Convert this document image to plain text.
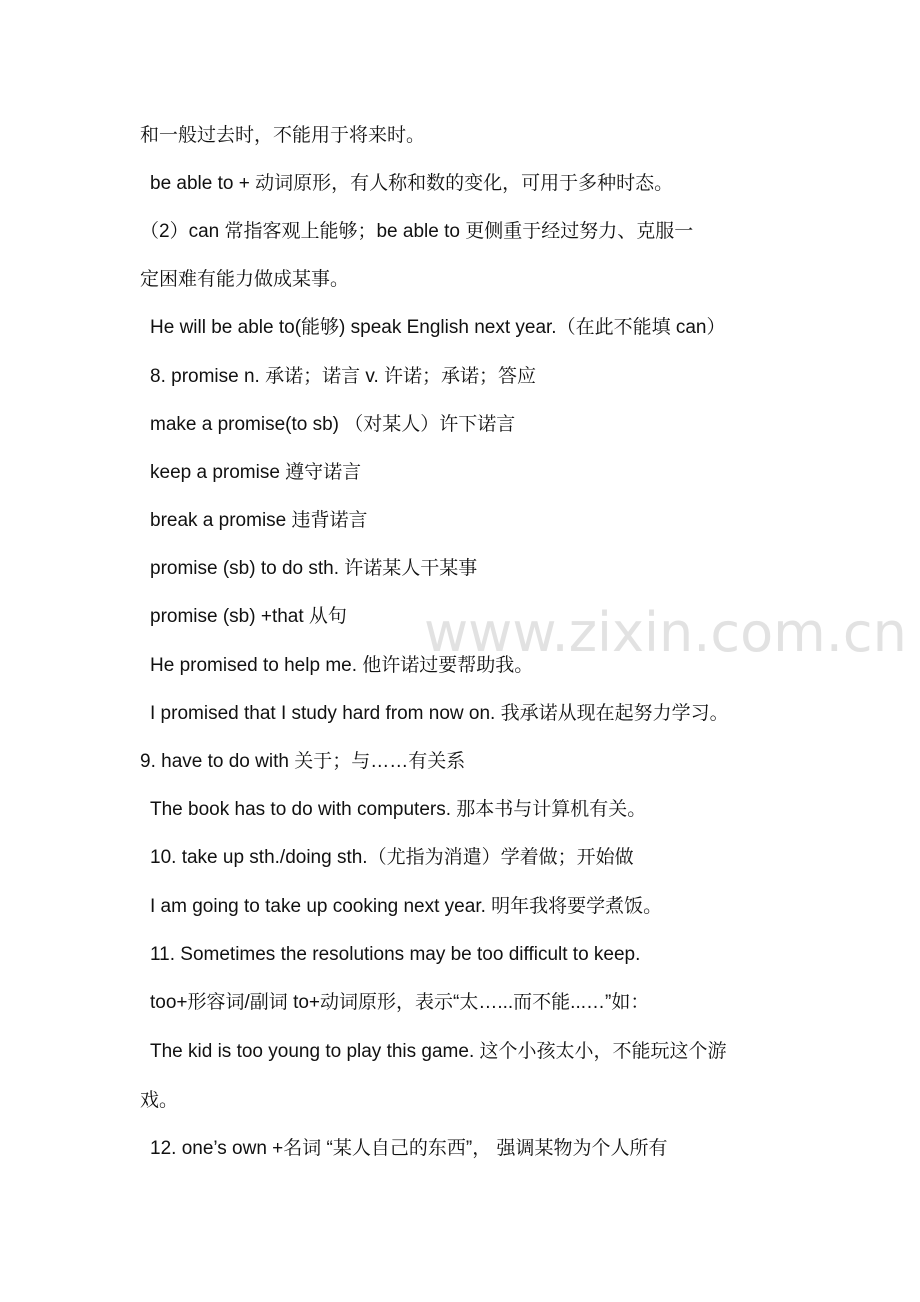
www.zixin.com.cn
和一般过去时，不能用于将来时。
be able to + 动词原形，有人称和数的变化，可用于多种时态。
（2）can 常指客观上能够；be able to 更侧重于经过努力、克服一
定困难有能力做成某事。
He will be able to(能够) speak English next year.（在此不能填 can）
8. promise n. 承诺；诺言 v. 许诺；承诺；答应
make a promise(to sb) （对某人）许下诺言
keep a promise 遵守诺言
break a promise 违背诺言
promise (sb) to do sth. 许诺某人干某事
promise (sb) +that 从句
He promised to help me. 他许诺过要帮助我。
I promised that I study hard from now on. 我承诺从现在起努力学习。
9. have to do with 关于；与……有关系
The book has to do with computers. 那本书与计算机有关。
10. take up sth./doing sth.（尤指为消遣）学着做；开始做
I am going to take up cooking next year. 明年我将要学煮饭。
11. Sometimes the resolutions may be too difficult to keep.
too+形容词/副词 to+动词原形，表示“太…...而不能...…”如：
The kid is too young to play this game. 这个小孩太小，不能玩这个游
戏。
12. one’s own +名词 “某人自己的东西”， 强调某物为个人所有
